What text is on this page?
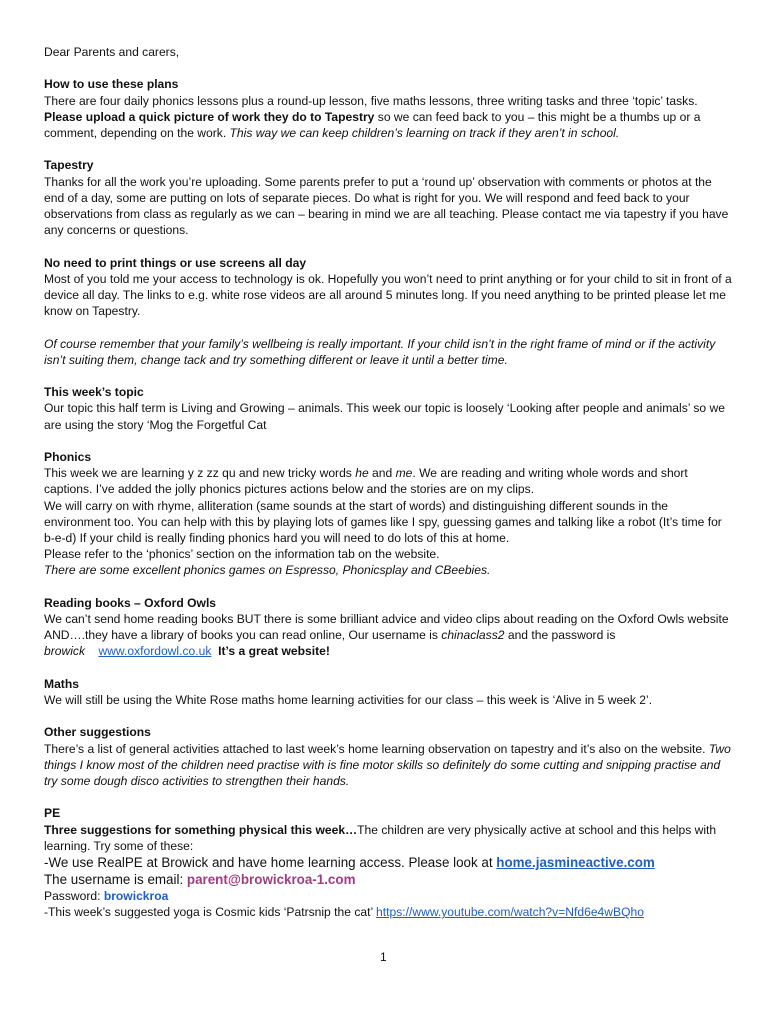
Dear Parents and carers,

How to use these plans

There are four daily phonics lessons plus a round-up lesson, five maths lessons, three writing tasks and three ‘topic’ tasks. Please upload a quick picture of work they do to Tapestry so we can feed back to you – this might be a thumbs up or a comment, depending on the work. This way we can keep children’s learning on track if they aren’t in school.

Tapestry

Thanks for all the work you’re uploading. Some parents prefer to put a ‘round up’ observation with comments or photos at the end of a day, some are putting on lots of separate pieces. Do what is right for you. We will respond and feed back to your observations from class as regularly as we can – bearing in mind we are all teaching. Please contact me via tapestry if you have any concerns or questions.

No need to print things or use screens all day

Most of you told me your access to technology is ok. Hopefully you won’t need to print anything or for your child to sit in front of a device all day. The links to e.g. white rose videos are all around 5 minutes long. If you need anything to be printed please let me know on Tapestry.

Of course remember that your family’s wellbeing is really important. If your child isn’t in the right frame of mind or if the activity isn’t suiting them, change tack and try something different or leave it until a better time.

This week’s topic

Our topic this half term is Living and Growing – animals. This week our topic is loosely ‘Looking after people and animals’ so we are using the story ‘Mog the Forgetful Cat

Phonics

This week we are learning y z zz qu and new tricky words he and me. We are reading and writing whole words and short captions. I’ve added the jolly phonics pictures actions below and the stories are on my clips.

We will carry on with rhyme, alliteration (same sounds at the start of words) and distinguishing different sounds in the environment too. You can help with this by playing lots of games like I spy, guessing games and talking like a robot (It’s time for b-e-d) If your child is really finding phonics hard you will need to do lots of this at home.

Please refer to the ‘phonics’ section on the information tab on the website.

There are some excellent phonics games on Espresso, Phonicsplay and CBeebies.

Reading books – Oxford Owls

We can’t send home reading books BUT there is some brilliant advice and video clips about reading on the Oxford Owls website AND….they have a library of books you can read online, Our username is chinaclass2 and the password is browick www.oxfordowl.co.uk It’s a great website!

Maths

We will still be using the White Rose maths home learning activities for our class – this week is ‘Alive in 5 week 2’.

Other suggestions

There’s a list of general activities attached to last week’s home learning observation on tapestry and it’s also on the website. Two things I know most of the children need practise with is fine motor skills so definitely do some cutting and snipping practise and try some dough disco activities to strengthen their hands.

PE

Three suggestions for something physical this week…The children are very physically active at school and this helps with learning. Try some of these:

-We use RealPE at Browick and have home learning access. Please look at home.jasmineactive.com

The username is email: parent@browickroa-1.com

Password: browickroa

-This week’s suggested yoga is Cosmic kids ‘Patrsnip the cat’ https://www.youtube.com/watch?v=Nfd6e4wBQho

1
